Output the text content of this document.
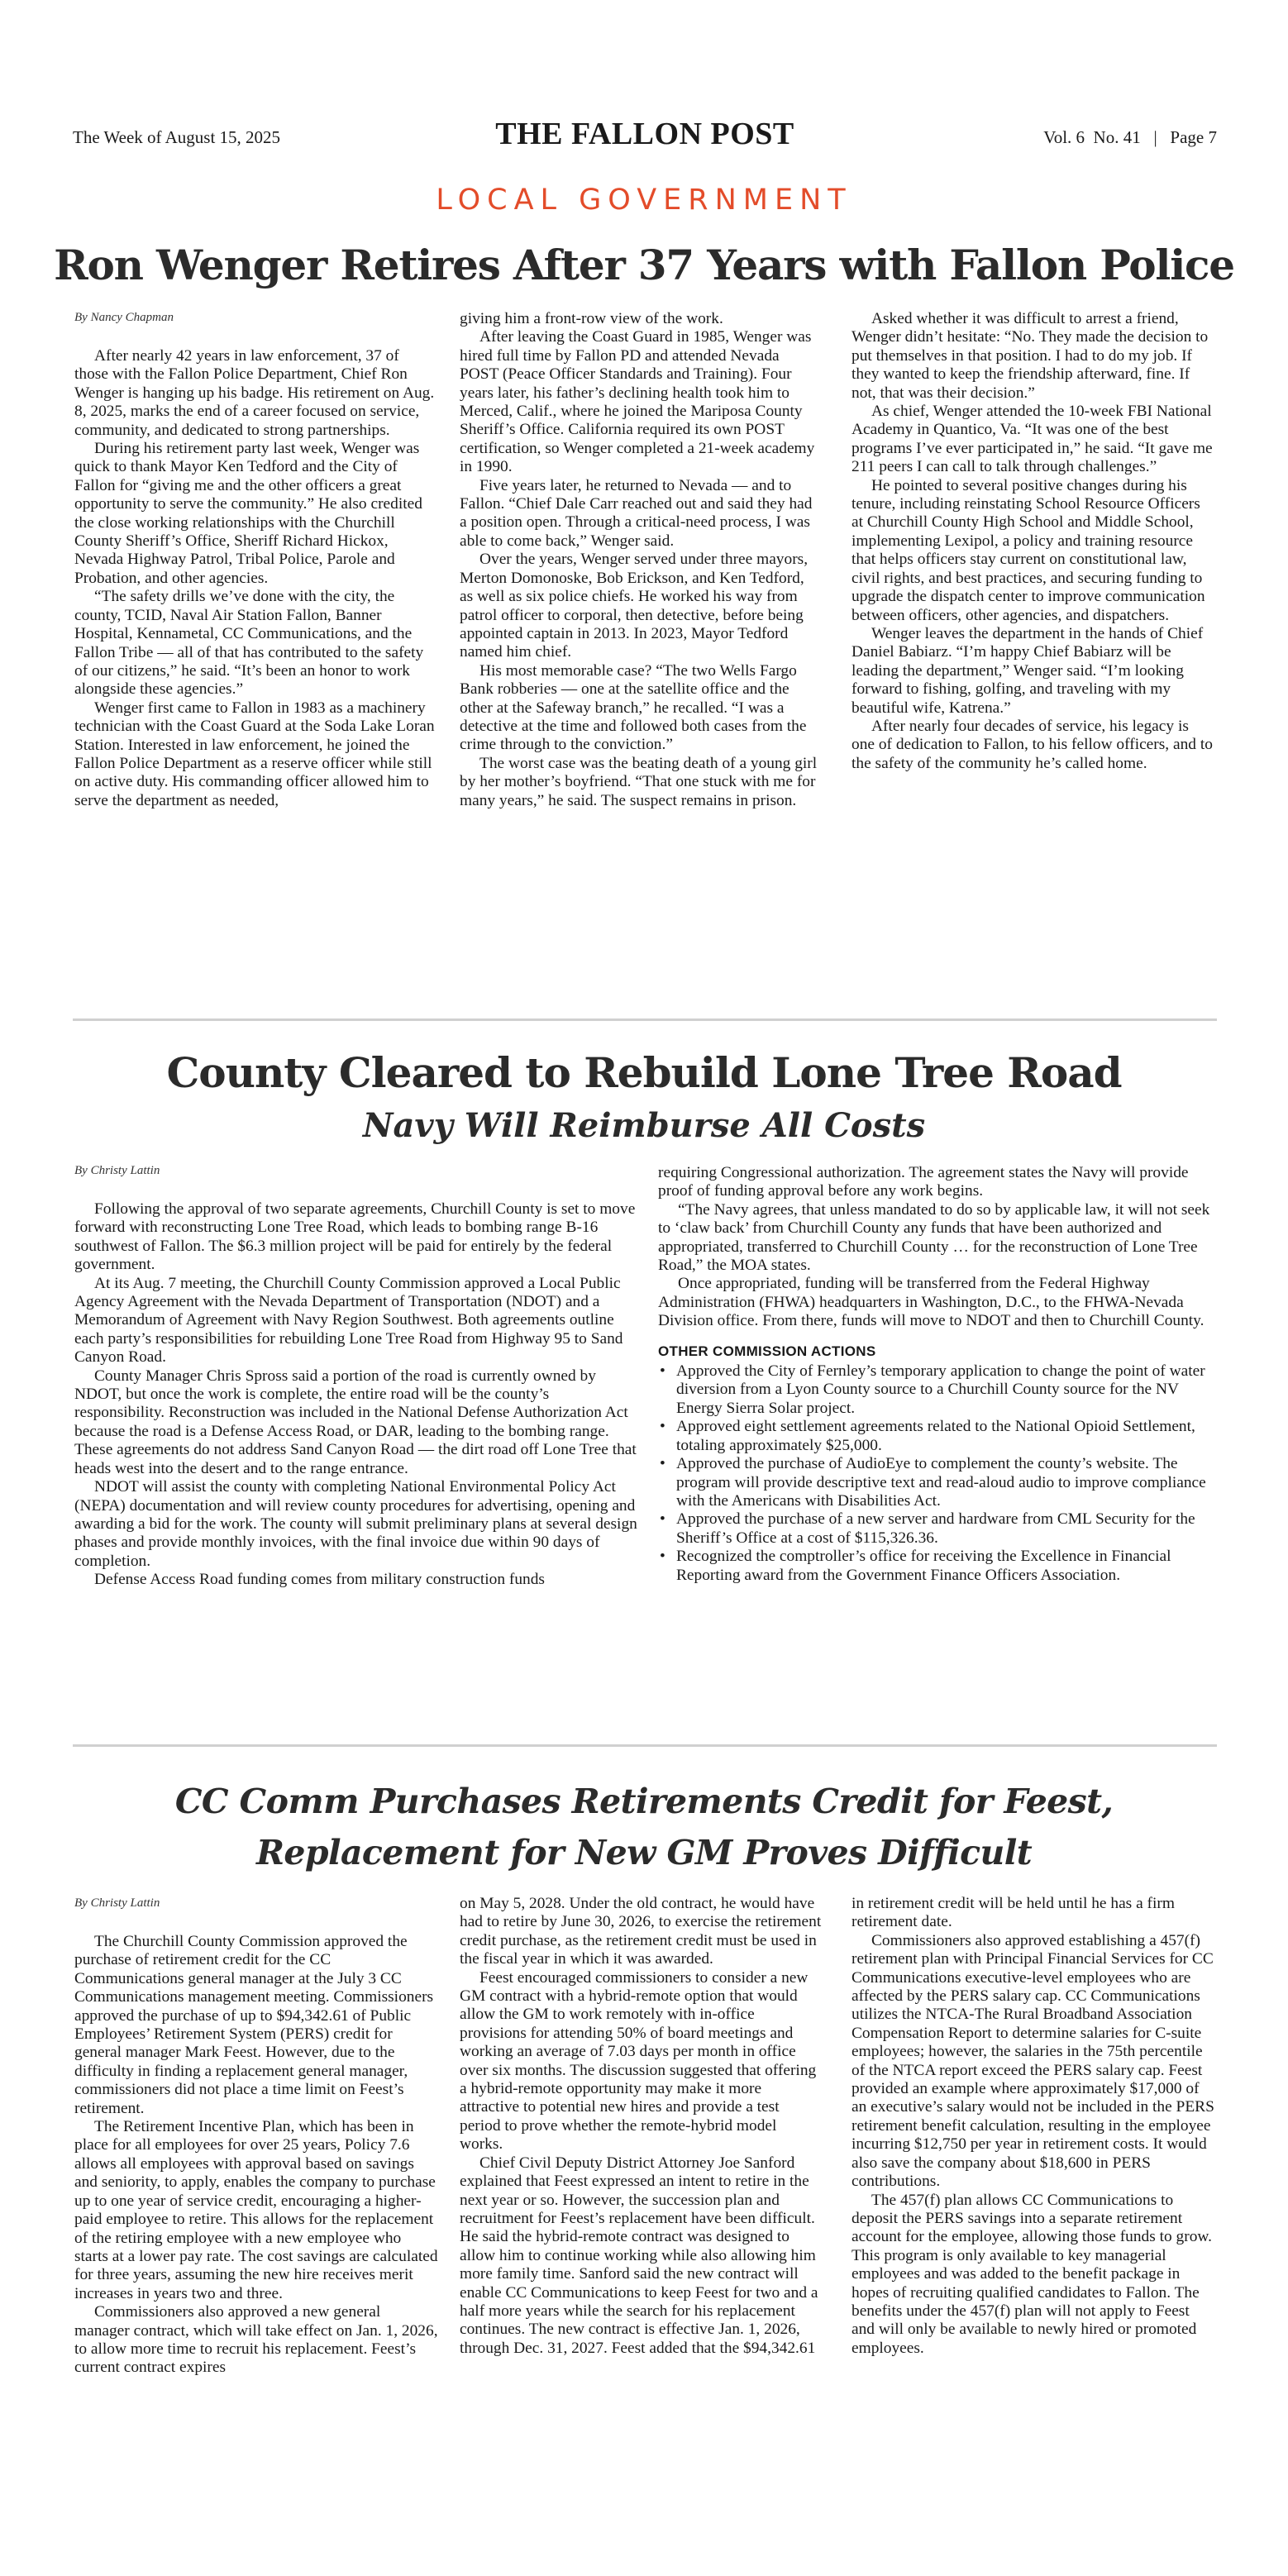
The Week of August 15, 2025	THE FALLON POST	Vol. 6  No. 41   |   Page 7
LOCAL GOVERNMENT
Ron Wenger Retires After 37 Years with Fallon Police
By Nancy Chapman

After nearly 42 years in law enforcement, 37 of those with the Fallon Police Department, Chief Ron Wenger is hanging up his badge. His retirement on Aug. 8, 2025, marks the end of a career focused on service, community, and dedicated to strong partnerships.

During his retirement party last week, Wenger was quick to thank Mayor Ken Tedford and the City of Fallon for “giving me and the other officers a great opportunity to serve the community.” He also credited the close working relationships with the Churchill County Sheriff’s Office, Sheriff Richard Hickox, Nevada Highway Patrol, Tribal Police, Parole and Probation, and other agencies.

“The safety drills we’ve done with the city, the county, TCID, Naval Air Station Fallon, Banner Hospital, Kennametal, CC Communications, and the Fallon Tribe — all of that has contributed to the safety of our citizens,” he said. “It’s been an honor to work alongside these agencies.”

Wenger first came to Fallon in 1983 as a machinery technician with the Coast Guard at the Soda Lake Loran Station. Interested in law enforcement, he joined the Fallon Police Department as a reserve officer while still on active duty. His commanding officer allowed him to serve the department as needed,

giving him a front-row view of the work.

After leaving the Coast Guard in 1985, Wenger was hired full time by Fallon PD and attended Nevada POST (Peace Officer Standards and Training). Four years later, his father’s declining health took him to Merced, Calif., where he joined the Mariposa County Sheriff’s Office. California required its own POST certification, so Wenger completed a 21-week academy in 1990.

Five years later, he returned to Nevada — and to Fallon. “Chief Dale Carr reached out and said they had a position open. Through a critical-need process, I was able to come back,” Wenger said.

Over the years, Wenger served under three mayors, Merton Domonoske, Bob Erickson, and Ken Tedford, as well as six police chiefs. He worked his way from patrol officer to corporal, then detective, before being appointed captain in 2013. In 2023, Mayor Tedford named him chief.

His most memorable case? “The two Wells Fargo Bank robberies — one at the satellite office and the other at the Safeway branch,” he recalled. “I was a detective at the time and followed both cases from the crime through to the conviction.”

The worst case was the beating death of a young girl by her mother’s boyfriend. “That one stuck with me for many years,” he said. The suspect remains in prison.

Asked whether it was difficult to arrest a friend, Wenger didn’t hesitate: “No. They made the decision to put themselves in that position. I had to do my job. If they wanted to keep the friendship afterward, fine. If not, that was their decision.”

As chief, Wenger attended the 10-week FBI National Academy in Quantico, Va. “It was one of the best programs I’ve ever participated in,” he said. “It gave me 211 peers I can call to talk through challenges.”

He pointed to several positive changes during his tenure, including reinstating School Resource Officers at Churchill County High School and Middle School, implementing Lexipol, a policy and training resource that helps officers stay current on constitutional law, civil rights, and best practices, and securing funding to upgrade the dispatch center to improve communication between officers, other agencies, and dispatchers.

Wenger leaves the department in the hands of Chief Daniel Babiarz. “I’m happy Chief Babiarz will be leading the department,” Wenger said. “I’m looking forward to fishing, golfing, and traveling with my beautiful wife, Katrena.”

After nearly four decades of service, his legacy is one of dedication to Fallon, to his fellow officers, and to the safety of the community he’s called home.

County Cleared to Rebuild Lone Tree Road
Navy Will Reimburse All Costs
By Christy Lattin

Following the approval of two separate agreements, Churchill County is set to move forward with reconstructing Lone Tree Road, which leads to bombing range B-16 southwest of Fallon. The $6.3 million project will be paid for entirely by the federal government.

At its Aug. 7 meeting, the Churchill County Commission approved a Local Public Agency Agreement with the Nevada Department of Transportation (NDOT) and a Memorandum of Agreement with Navy Region Southwest. Both agreements outline each party’s responsibilities for rebuilding Lone Tree Road from Highway 95 to Sand Canyon Road.

County Manager Chris Spross said a portion of the road is currently owned by NDOT, but once the work is complete, the entire road will be the county’s responsibility. Reconstruction was included in the National Defense Authorization Act because the road is a Defense Access Road, or DAR, leading to the bombing range. These agreements do not address Sand Canyon Road — the dirt road off Lone Tree that heads west into the desert and to the range entrance.

NDOT will assist the county with completing National Environmental Policy Act (NEPA) documentation and will review county procedures for advertising, opening and awarding a bid for the work. The county will submit preliminary plans at several design phases and provide monthly invoices, with the final invoice due within 90 days of completion.

Defense Access Road funding comes from military construction funds

requiring Congressional authorization. The agreement states the Navy will provide proof of funding approval before any work begins.

“The Navy agrees, that unless mandated to do so by applicable law, it will not seek to ‘claw back’ from Churchill County any funds that have been authorized and appropriated, transferred to Churchill County … for the reconstruction of Lone Tree Road,” the MOA states.

Once appropriated, funding will be transferred from the Federal Highway Administration (FHWA) headquarters in Washington, D.C., to the FHWA-Nevada Division office. From there, funds will move to NDOT and then to Churchill County.

OTHER COMMISSION ACTIONS
• Approved the City of Fernley’s temporary application to change the point of water diversion from a Lyon County source to a Churchill County source for the NV Energy Sierra Solar project.
• Approved eight settlement agreements related to the National Opioid Settlement, totaling approximately $25,000.
• Approved the purchase of AudioEye to complement the county’s website. The program will provide descriptive text and read-aloud audio to improve compliance with the Americans with Disabilities Act.
• Approved the purchase of a new server and hardware from CML Security for the Sheriff’s Office at a cost of $115,326.36.
• Recognized the comptroller’s office for receiving the Excellence in Financial Reporting award from the Government Finance Officers Association.
CC Comm Purchases Retirements Credit for Feest,
Replacement for New GM Proves Difficult
By Christy Lattin

The Churchill County Commission approved the purchase of retirement credit for the CC Communications general manager at the July 3 CC Communications management meeting. Commissioners approved the purchase of up to $94,342.61 of Public Employees’ Retirement System (PERS) credit for general manager Mark Feest. However, due to the difficulty in finding a replacement general manager, commissioners did not place a time limit on Feest’s retirement.

The Retirement Incentive Plan, which has been in place for all employees for over 25 years, Policy 7.6 allows all employees with approval based on savings and seniority, to apply, enables the company to purchase up to one year of service credit, encouraging a higher-paid employee to retire. This allows for the replacement of the retiring employee with a new employee who starts at a lower pay rate. The cost savings are calculated for three years, assuming the new hire receives merit increases in years two and three.

Commissioners also approved a new general manager contract, which will take effect on Jan. 1, 2026, to allow more time to recruit his replacement. Feest’s current contract expires

on May 5, 2028. Under the old contract, he would have had to retire by June 30, 2026, to exercise the retirement credit purchase, as the retirement credit must be used in the fiscal year in which it was awarded.

Feest encouraged commissioners to consider a new GM contract with a hybrid-remote option that would allow the GM to work remotely with in-office provisions for attending 50% of board meetings and working an average of 7.03 days per month in office over six months. The discussion suggested that offering a hybrid-remote opportunity may make it more attractive to potential new hires and provide a test period to prove whether the remote-hybrid model works.

Chief Civil Deputy District Attorney Joe Sanford explained that Feest expressed an intent to retire in the next year or so. However, the succession plan and recruitment for Feest’s replacement have been difficult. He said the hybrid-remote contract was designed to allow him to continue working while also allowing him more family time. Sanford said the new contract will enable CC Communications to keep Feest for two and a half more years while the search for his replacement continues. The new contract is effective Jan. 1, 2026, through Dec. 31, 2027. Feest added that the $94,342.61

in retirement credit will be held until he has a firm retirement date.

Commissioners also approved establishing a 457(f) retirement plan with Principal Financial Services for CC Communications executive-level employees who are affected by the PERS salary cap. CC Communications utilizes the NTCA-The Rural Broadband Association Compensation Report to determine salaries for C-suite employees; however, the salaries in the 75th percentile of the NTCA report exceed the PERS salary cap. Feest provided an example where approximately $17,000 of an executive’s salary would not be included in the PERS retirement benefit calculation, resulting in the employee incurring $12,750 per year in retirement costs. It would also save the company about $18,600 in PERS contributions.

The 457(f) plan allows CC Communications to deposit the PERS savings into a separate retirement account for the employee, allowing those funds to grow. This program is only available to key managerial employees and was added to the benefit package in hopes of recruiting qualified candidates to Fallon. The benefits under the 457(f) plan will not apply to Feest and will only be available to newly hired or promoted employees.
